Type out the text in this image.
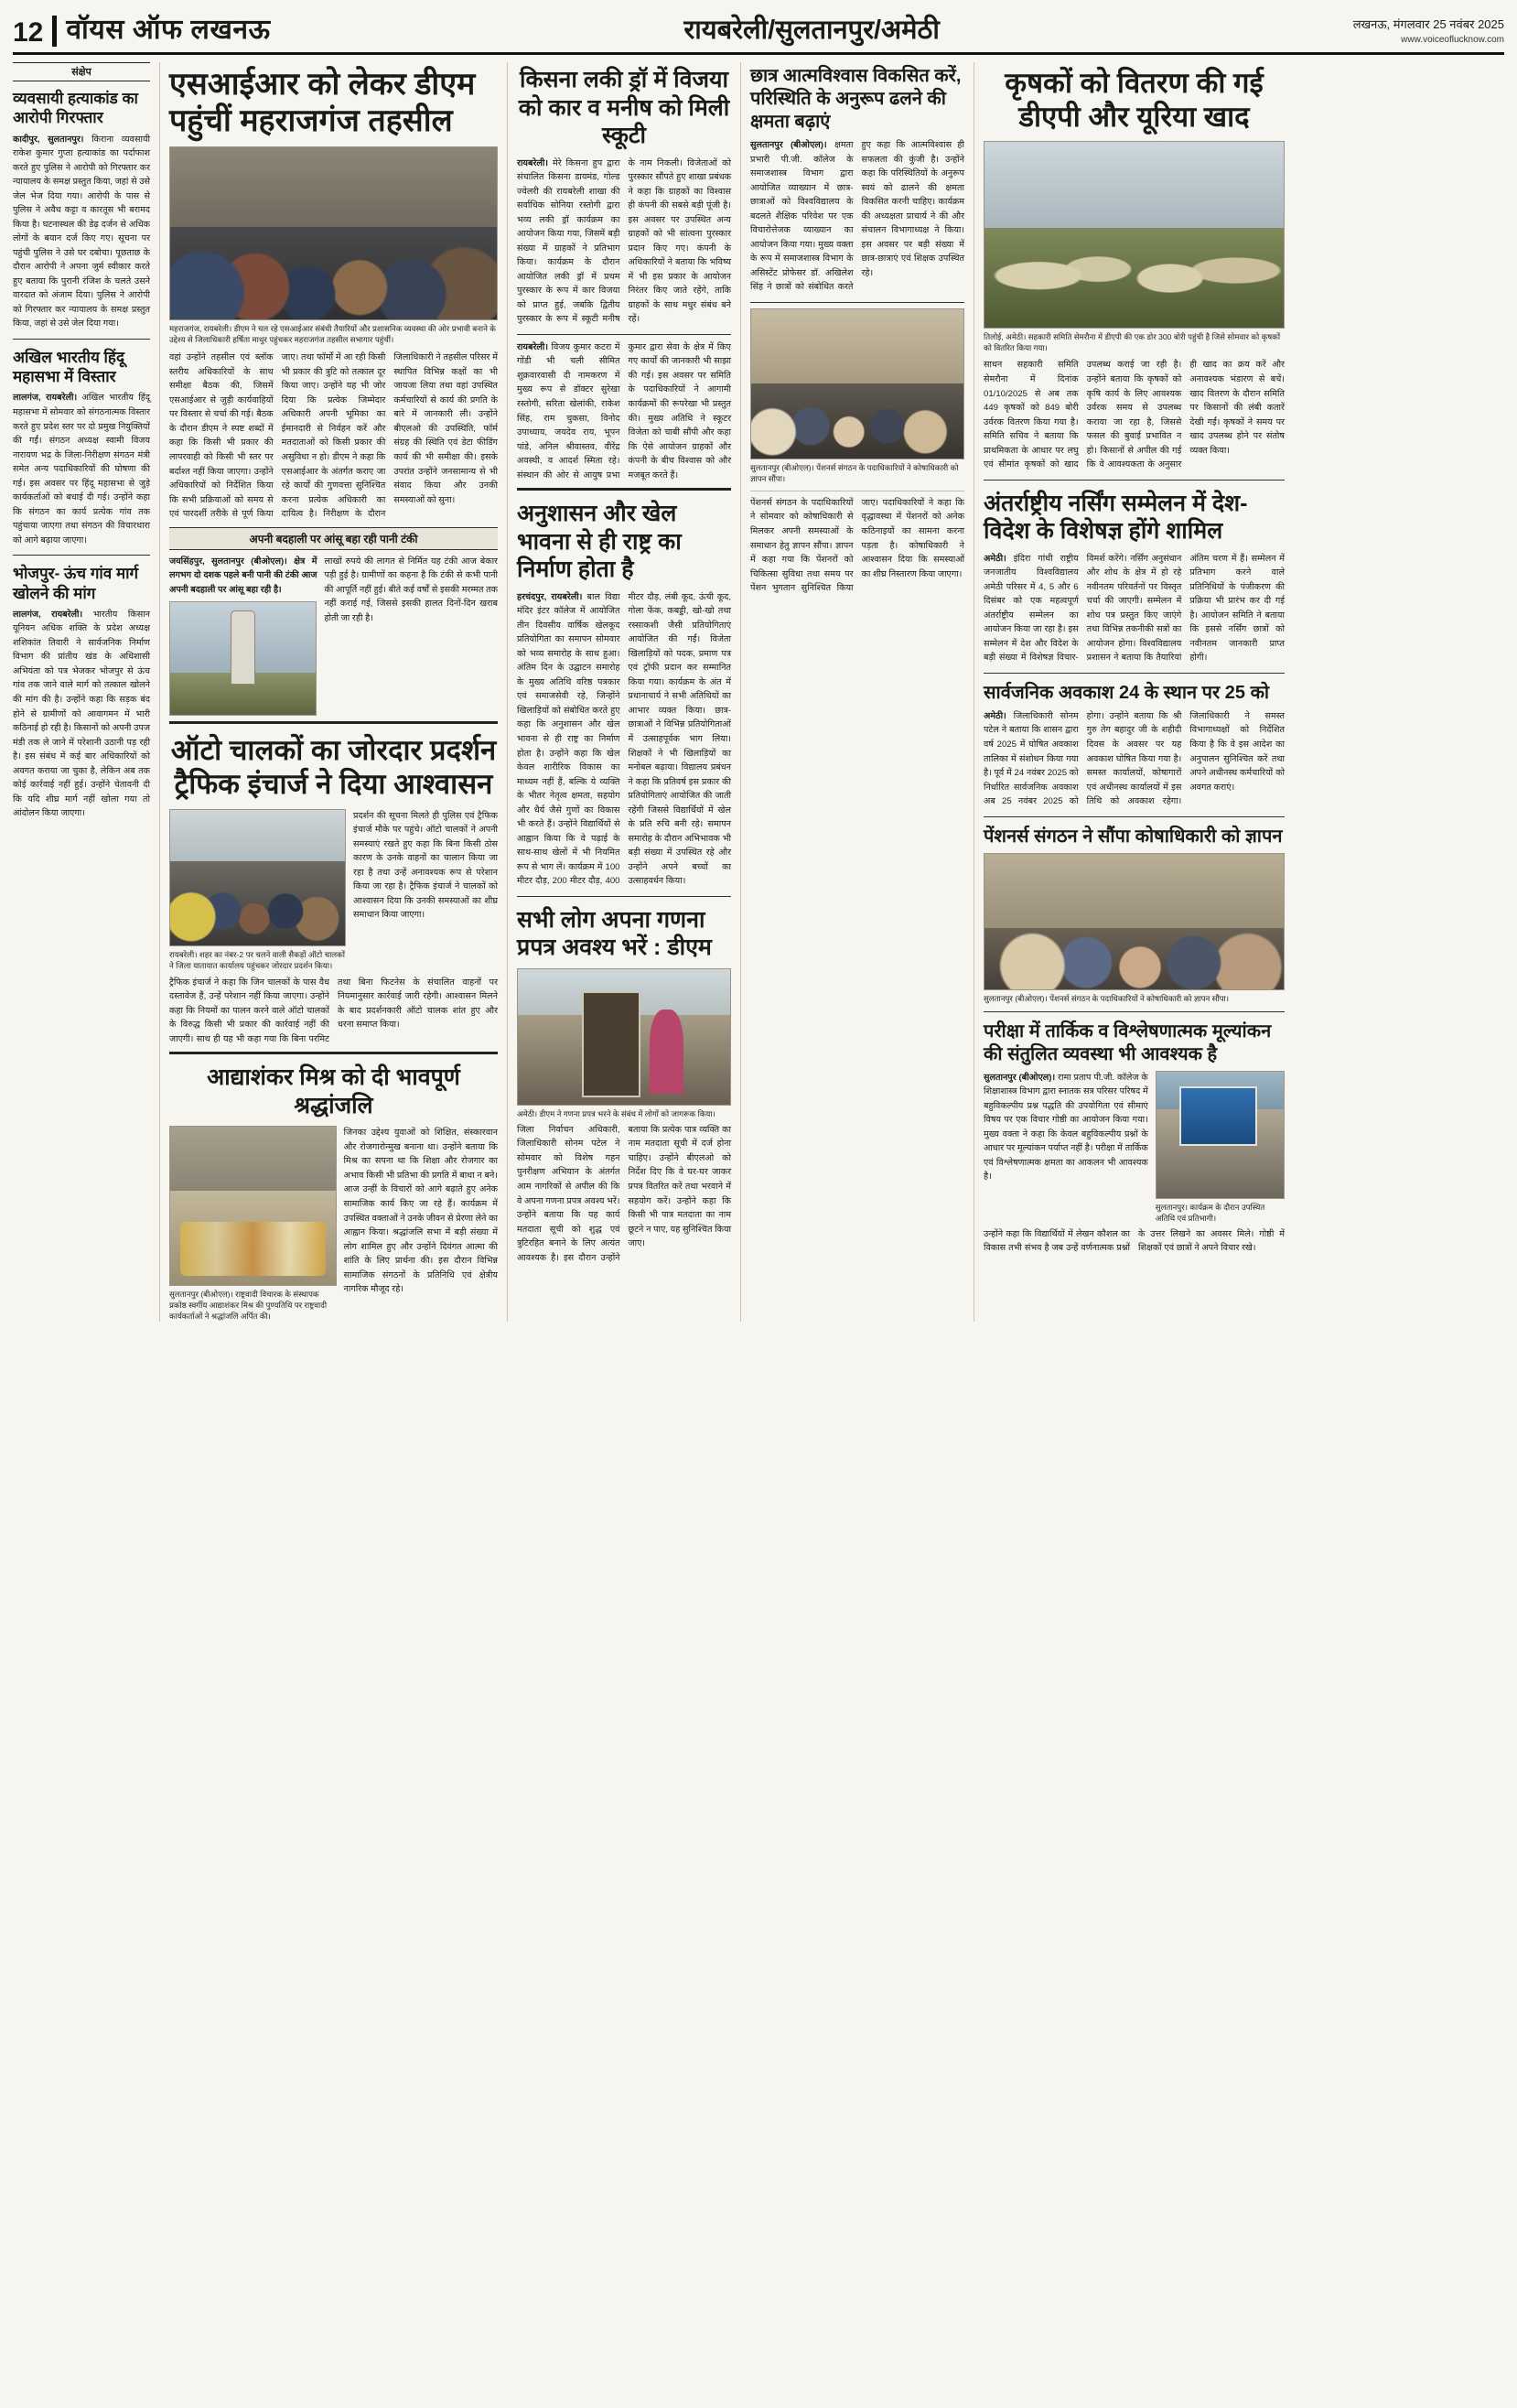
12 वॉयस ऑफ लखनऊ	रायबरेली/सुलतानपुर/अमेठी	लखनऊ, मंगलवार 25 नवंबर 2025
www.voiceoflucknow.com
संक्षेप
व्यवसायी हत्याकांड का आरोपी गिरफ्तार
कादीपुर, सुलतानपुर। किराना व्यवसायी राकेश कुमार गुप्ता हत्याकांड का पर्दाफाश करते हुए पुलिस ने आरोपी को गिरफ्तार कर न्यायालय के समक्ष प्रस्तुत किया, जहां से उसे जेल भेज दिया गया। आरोपी के पास से पुलिस ने अवैध कट्टा व कारतूस भी बरामद किया है। घटनास्थल की डेढ़ दर्जन से अधिक लोगों के बयान दर्ज किए गए। सूचना पर पहुंची पुलिस ने उसे घर दबोचा। पूछताछ के दौरान आरोपी ने अपना जुर्म स्वीकार करते हुए बताया कि पुरानी रंजिश के चलते उसने वारदात को अंजाम दिया। पुलिस ने आरोपी को गिरफ्तार कर न्यायालय के समक्ष प्रस्तुत किया, जहां से उसे जेल दिया गया।
अखिल भारतीय हिंदू महासभा में विस्तार
लालगंज, रायबरेली। अखिल भारतीय हिंदू महासभा में सोमवार को संगठनात्मक विस्तार करते हुए प्रदेश स्तर पर दो प्रमुख नियुक्तियों की गईं। संगठन अध्यक्ष स्वामी विजय नारायण भद्र के जिला-निरीक्षण संगठन मंत्री समेत अन्य पदाधिकारियों की घोषणा की गई। इस अवसर पर हिंदू महासभा से जुड़े कार्यकर्ताओं को बधाई दी गई। उन्होंने कहा कि संगठन का कार्य प्रत्येक गांव तक पहुंचाया जाएगा तथा संगठन की विचारधारा को आगे बढ़ाया जाएगा।
भोजपुर- ऊंच गांव मार्ग खोलने की मांग
लालगंज, रायबरेली। भारतीय किसान यूनियन अधिक शक्ति के प्रदेश अध्यक्ष शशिकांत तिवारी ने सार्वजनिक निर्माण विभाग की प्रांतीय खंड के अधिशासी अभियंता को पत्र भेजकर भोजपुर से ऊंच गांव तक जाने वाले मार्ग को तत्काल खोलने की मांग की है। उन्होंने कहा कि सड़क बंद होने से ग्रामीणों को आवागमन में भारी कठिनाई हो रही है। किसानों को अपनी उपज मंडी तक ले जाने में परेशानी उठानी पड़ रही है। इस संबंध में कई बार अधिकारियों को अवगत कराया जा चुका है, लेकिन अब तक कोई कार्रवाई नहीं हुई। उन्होंने चेतावनी दी कि यदि शीघ्र मार्ग नहीं खोला गया तो आंदोलन किया जाएगा।
एसआईआर को लेकर डीएम पहुंचीं महराजगंज तहसील
महराजगंज, रायबरेली। डीएम ने चल रहे एसआईआर संबंधी तैयारियों और प्रशासनिक व्यवस्था की ओर प्रभावी बनाने के उद्देश्य से जिलाधिकारी हर्षिता माथुर पहुंचकर महराजगंज तहसील सभागार पहुंचीं।
वहां उन्होंने तहसील एवं ब्लॉक स्तरीय अधिकारियों के साथ समीक्षा बैठक की, जिसमें एसआईआर से जुड़ी कार्यवाहियों पर विस्तार से चर्चा की गई। बैठक के दौरान डीएम ने स्पष्ट शब्दों में कहा कि किसी भी प्रकार की लापरवाही को किसी भी स्तर पर बर्दाश्त नहीं किया जाएगा। उन्होंने अधिकारियों को निर्देशित किया कि सभी प्रक्रियाओं को समय से एवं पारदर्शी तरीके से पूर्ण किया जाए। तथा फॉर्मों में आ रही किसी भी प्रकार की त्रुटि को तत्काल दूर किया जाए। उन्होंने यह भी जोर दिया कि प्रत्येक जिम्मेदार अधिकारी अपनी भूमिका का ईमानदारी से निर्वहन करें और मतदाताओं को किसी प्रकार की असुविधा न हो। डीएम ने कहा कि एसआईआर के अंतर्गत कराए जा रहे कार्यों की गुणवत्ता सुनिश्चित करना प्रत्येक अधिकारी का दायित्व है। निरीक्षण के दौरान जिलाधिकारी ने तहसील परिसर में स्थापित विभिन्न कक्षों का भी जायजा लिया तथा वहां उपस्थित कर्मचारियों से कार्य की प्रगति के बारे में जानकारी ली। उन्होंने बीएलओ की उपस्थिति, फॉर्म संग्रह की स्थिति एवं डेटा फीडिंग कार्य की भी समीक्षा की। इसके उपरांत उन्होंने जनसामान्य से भी संवाद किया और उनकी समस्याओं को सुना।
अपनी बदहाली पर आंसू बहा रही पानी टंकी
जयसिंहपुर, सुलतानपुर (बीओएल)। क्षेत्र में लगभग दो दशक पहले बनी पानी की टंकी आज अपनी बदहाली पर आंसू बहा रही है।
लाखों रुपये की लागत से निर्मित यह टंकी आज बेकार पड़ी हुई है। ग्रामीणों का कहना है कि टंकी से कभी पानी की आपूर्ति नहीं हुई। बीते कई वर्षों से इसकी मरम्मत तक नहीं कराई गई, जिससे इसकी हालत दिनों-दिन खराब होती जा रही है।
ऑटो चालकों का जोरदार प्रदर्शन ट्रैफिक इंचार्ज ने दिया आश्वासन
रायबरेली। शहर का नंबर-2 पर चलने वाली सैकड़ों ऑटो चालकों ने जिला यातायात कार्यालय पहुंचकर जोरदार प्रदर्शन किया।
प्रदर्शन की सूचना मिलते ही पुलिस एवं ट्रैफिक इंचार्ज मौके पर पहुंचे। ऑटो चालकों ने अपनी समस्याएं रखते हुए कहा कि बिना किसी ठोस कारण के उनके वाहनों का चालान किया जा रहा है तथा उन्हें अनावश्यक रूप से परेशान किया जा रहा है। ट्रैफिक इंचार्ज ने चालकों को आश्वासन दिया कि उनकी समस्याओं का शीघ्र समाधान किया जाएगा।
ट्रैफिक इंचार्ज ने कहा कि जिन चालकों के पास वैध दस्तावेज हैं, उन्हें परेशान नहीं किया जाएगा। उन्होंने कहा कि नियमों का पालन करने वाले ऑटो चालकों के विरुद्ध किसी भी प्रकार की कार्रवाई नहीं की जाएगी। साथ ही यह भी कहा गया कि बिना परमिट तथा बिना फिटनेस के संचालित वाहनों पर नियमानुसार कार्रवाई जारी रहेगी। आश्वासन मिलने के बाद प्रदर्शनकारी ऑटो चालक शांत हुए और धरना समाप्त किया।
आद्याशंकर मिश्र को दी भावपूर्ण श्रद्धांजलि
सुलतानपुर (बीओएल)। राष्ट्रवादी विचारक के संस्थापक प्रकोष्ठ स्वर्गीय आद्याशंकर मिश्र की पुण्यतिथि पर राष्ट्रवादी कार्यकर्ताओं ने श्रद्धांजलि अर्पित की।
जिनका उद्देश्य युवाओं को शिक्षित, संस्कारवान और रोजगारोन्मुख बनाना था। उन्होंने बताया कि मिश्र का सपना था कि शिक्षा और रोजगार का अभाव किसी भी प्रतिभा की प्रगति में बाधा न बने। आज उन्हीं के विचारों को आगे बढ़ाते हुए अनेक सामाजिक कार्य किए जा रहे हैं। कार्यक्रम में उपस्थित वक्ताओं ने उनके जीवन से प्रेरणा लेने का आह्वान किया। श्रद्धांजलि सभा में बड़ी संख्या में लोग शामिल हुए और उन्होंने दिवंगत आत्मा की शांति के लिए प्रार्थना की। इस दौरान विभिन्न सामाजिक संगठनों के प्रतिनिधि एवं क्षेत्रीय नागरिक मौजूद रहे।
किसना लकी ड्रॉ में विजया को कार व मनीष को मिली स्कूटी
रायबरेली। मेरे किसना हुप द्वारा संचालित किसना डायमंड, गोल्ड ज्वेलरी की रायबरेली शाखा की सर्वाधिक सोनिया रस्तोगी द्वारा भव्य लकी ड्रॉ कार्यक्रम का आयोजन किया गया, जिसमें बड़ी संख्या में ग्राहकों ने प्रतिभाग किया। कार्यक्रम के दौरान आयोजित लकी ड्रॉ में प्रथम पुरस्कार के रूप में कार विजया को प्राप्त हुई, जबकि द्वितीय पुरस्कार के रूप में स्कूटी मनीष के नाम निकली। विजेताओं को पुरस्कार सौंपते हुए शाखा प्रबंधक ने कहा कि ग्राहकों का विश्वास ही कंपनी की सबसे बड़ी पूंजी है। इस अवसर पर उपस्थित अन्य ग्राहकों को भी सांत्वना पुरस्कार प्रदान किए गए। कंपनी के अधिकारियों ने बताया कि भविष्य में भी इस प्रकार के आयोजन निरंतर किए जाते रहेंगे, ताकि ग्राहकों के साथ मधुर संबंध बने रहें।
रायबरेली। विजय कुमार कटरा में गोंडी भी चली सीमित शुक्रवारवासी दी नामकरण में मुख्य रूप से डॉक्टर सुरेखा रस्तोगी, सरिता खेलांकी, राकेश सिंह, राम चुकसा, विनोद उपाध्याय, जयदेव राय, भूपन पांडे, अनिल श्रीवास्तव, वीरेंद्र अवस्थी, व आदर्श स्मिता रहे। संस्थान की ओर से आयुष प्रभा कुमार द्वारा सेवा के क्षेत्र में किए गए कार्यों की जानकारी भी साझा की गई। इस अवसर पर समिति के पदाधिकारियों ने आगामी कार्यक्रमों की रूपरेखा भी प्रस्तुत की। मुख्य अतिथि ने स्कूटर विजेता को चाबी सौंपी और कहा कि ऐसे आयोजन ग्राहकों और कंपनी के बीच विश्वास को और मजबूत करते हैं।
अनुशासन और खेल भावना से ही राष्ट्र का निर्माण होता है
हरचंदपुर, रायबरेली। बाल विद्या मंदिर इंटर कॉलेज में आयोजित तीन दिवसीय वार्षिक खेलकूद प्रतियोगिता का समापन सोमवार को भव्य समारोह के साथ हुआ। अंतिम दिन के उद्घाटन समारोह के मुख्य अतिथि वरिष्ठ पत्रकार एवं समाजसेवी रहे, जिन्होंने खिलाड़ियों को संबोधित करते हुए कहा कि अनुशासन और खेल भावना से ही राष्ट्र का निर्माण होता है। उन्होंने कहा कि खेल केवल शारीरिक विकास का माध्यम नहीं हैं, बल्कि ये व्यक्ति के भीतर नेतृत्व क्षमता, सहयोग और धैर्य जैसे गुणों का विकास भी करते हैं। उन्होंने विद्यार्थियों से आह्वान किया कि वे पढ़ाई के साथ-साथ खेलों में भी नियमित रूप से भाग लें। कार्यक्रम में 100 मीटर दौड़, 200 मीटर दौड़, 400 मीटर दौड़, लंबी कूद, ऊंची कूद, गोला फेंक, कबड्डी, खो-खो तथा रस्साकशी जैसी प्रतियोगिताएं आयोजित की गईं। विजेता खिलाड़ियों को पदक, प्रमाण पत्र एवं ट्रॉफी प्रदान कर सम्मानित किया गया। कार्यक्रम के अंत में प्रधानाचार्य ने सभी अतिथियों का आभार व्यक्त किया। छात्र-छात्राओं ने विभिन्न प्रतियोगिताओं में उत्साहपूर्वक भाग लिया। शिक्षकों ने भी खिलाड़ियों का मनोबल बढ़ाया। विद्यालय प्रबंधन ने कहा कि प्रतिवर्ष इस प्रकार की प्रतियोगिताएं आयोजित की जाती रहेंगी जिससे विद्यार्थियों में खेल के प्रति रुचि बनी रहे। समापन समारोह के दौरान अभिभावक भी बड़ी संख्या में उपस्थित रहे और उन्होंने अपने बच्चों का उत्साहवर्धन किया।
सभी लोग अपना गणना प्रपत्र अवश्य भरें : डीएम
अमेठी। डीएम ने गणना प्रपत्र भरने के संबंध में लोगों को जागरूक किया।
जिला निर्वाचन अधिकारी, जिलाधिकारी सोनम पटेल ने सोमवार को विशेष गहन पुनरीक्षण अभियान के अंतर्गत आम नागरिकों से अपील की कि वे अपना गणना प्रपत्र अवश्य भरें। उन्होंने बताया कि यह कार्य मतदाता सूची को शुद्ध एवं त्रुटिरहित बनाने के लिए अत्यंत आवश्यक है। इस दौरान उन्होंने बताया कि प्रत्येक पात्र व्यक्ति का नाम मतदाता सूची में दर्ज होना चाहिए। उन्होंने बीएलओ को निर्देश दिए कि वे घर-घर जाकर प्रपत्र वितरित करें तथा भरवाने में सहयोग करें। उन्होंने कहा कि किसी भी पात्र मतदाता का नाम छूटने न पाए, यह सुनिश्चित किया जाए।
छात्र आत्मविश्वास विकसित करें, परिस्थिति के अनुरूप ढलने की क्षमता बढ़ाएं
सुलतानपुर (बीओएल)। क्षमता प्रभारी पी.जी. कॉलेज के समाजशास्त्र विभाग द्वारा आयोजित व्याख्यान में छात्र-छात्राओं को विश्वविद्यालय के बदलते शैक्षिक परिवेश पर एक विचारोत्तेजक व्याख्यान का आयोजन किया गया। मुख्य वक्ता के रूप में समाजशास्त्र विभाग के असिस्टेंट प्रोफेसर डॉ. अखिलेश सिंह ने छात्रों को संबोधित करते हुए कहा कि आत्मविश्वास ही सफलता की कुंजी है। उन्होंने कहा कि परिस्थितियों के अनुरूप स्वयं को ढालने की क्षमता विकसित करनी चाहिए। कार्यक्रम की अध्यक्षता प्राचार्य ने की और संचालन विभागाध्यक्ष ने किया। इस अवसर पर बड़ी संख्या में छात्र-छात्राएं एवं शिक्षक उपस्थित रहे।
सुलतानपुर (बीओएल)। पेंशनर्स संगठन के पदाधिकारियों ने कोषाधिकारी को ज्ञापन सौंपा।
पेंशनर्स संगठन के पदाधिकारियों ने सोमवार को कोषाधिकारी से मिलकर अपनी समस्याओं के समाधान हेतु ज्ञापन सौंपा। ज्ञापन में कहा गया कि पेंशनरों को चिकित्सा सुविधा तथा समय पर पेंशन भुगतान सुनिश्चित किया जाए। पदाधिकारियों ने कहा कि वृद्धावस्था में पेंशनरों को अनेक कठिनाइयों का सामना करना पड़ता है। कोषाधिकारी ने आश्वासन दिया कि समस्याओं का शीघ्र निस्तारण किया जाएगा।
कृषकों को वितरण की गई डीएपी और यूरिया खाद
तिलोई, अमेठी। सहकारी समिति सेमरौना में डीएपी की एक डोर 300 बोरी पहुंची है जिसे सोमवार को कृषकों को वितरित किया गया।
साधन सहकारी समिति सेमरौना में दिनांक 01/10/2025 से अब तक 449 कृषकों को 849 बोरी उर्वरक वितरण किया गया है। समिति सचिव ने बताया कि प्राथमिकता के आधार पर लघु एवं सीमांत कृषकों को खाद उपलब्ध कराई जा रही है। उन्होंने बताया कि कृषकों को कृषि कार्य के लिए आवश्यक उर्वरक समय से उपलब्ध कराया जा रहा है, जिससे फसल की बुवाई प्रभावित न हो। किसानों से अपील की गई कि वे आवश्यकता के अनुसार ही खाद का क्रय करें और अनावश्यक भंडारण से बचें। खाद वितरण के दौरान समिति पर किसानों की लंबी कतारें देखी गईं। कृषकों ने समय पर खाद उपलब्ध होने पर संतोष व्यक्त किया।
अंतर्राष्ट्रीय नर्सिंग सम्मेलन में देश-विदेश के विशेषज्ञ होंगे शामिल
अमेठी। इंदिरा गांधी राष्ट्रीय जनजातीय विश्वविद्यालय अमेठी परिसर में 4, 5 और 6 दिसंबर को एक महत्वपूर्ण अंतर्राष्ट्रीय सम्मेलन का आयोजन किया जा रहा है। इस सम्मेलन में देश और विदेश के बड़ी संख्या में विशेषज्ञ विचार-विमर्श करेंगे। नर्सिंग अनुसंधान और शोध के क्षेत्र में हो रहे नवीनतम परिवर्तनों पर विस्तृत चर्चा की जाएगी। सम्मेलन में शोध पत्र प्रस्तुत किए जाएंगे तथा विभिन्न तकनीकी सत्रों का आयोजन होगा। विश्वविद्यालय प्रशासन ने बताया कि तैयारियां अंतिम चरण में हैं। सम्मेलन में प्रतिभाग करने वाले प्रतिनिधियों के पंजीकरण की प्रक्रिया भी प्रारंभ कर दी गई है। आयोजन समिति ने बताया कि इससे नर्सिंग छात्रों को नवीनतम जानकारी प्राप्त होगी।
सार्वजनिक अवकाश 24 के स्थान पर 25 को
अमेठी। जिलाधिकारी सोनम पटेल ने बताया कि शासन द्वारा वर्ष 2025 में घोषित अवकाश तालिका में संशोधन किया गया है। पूर्व में 24 नवंबर 2025 को निर्धारित सार्वजनिक अवकाश अब 25 नवंबर 2025 को होगा। उन्होंने बताया कि श्री गुरु तेग बहादुर जी के शहीदी दिवस के अवसर पर यह अवकाश घोषित किया गया है। समस्त कार्यालयों, कोषागारों एवं अधीनस्थ कार्यालयों में इस तिथि को अवकाश रहेगा। जिलाधिकारी ने समस्त विभागाध्यक्षों को निर्देशित किया है कि वे इस आदेश का अनुपालन सुनिश्चित करें तथा अपने अधीनस्थ कर्मचारियों को अवगत कराएं।
पेंशनर्स संगठन ने सौंपा कोषाधिकारी को ज्ञापन
सुलतानपुर (बीओएल)। पेंशनर्स संगठन के पदाधिकारियों ने कोषाधिकारी को ज्ञापन सौंपा।
परीक्षा में तार्किक व विश्लेषणात्मक मूल्यांकन की संतुलित व्यवस्था भी आवश्यक है
सुलतानपुर (बीओएल)। रामा प्रताप पी.जी. कॉलेज के शिक्षाशास्त्र विभाग द्वारा स्नातक सत्र परिसर परिषद में बहुविकल्पीय प्रश्न पद्धति की उपयोगिता एवं सीमाएं विषय पर एक विचार गोष्ठी का आयोजन किया गया। मुख्य वक्ता ने कहा कि केवल बहुविकल्पीय प्रश्नों के आधार पर मूल्यांकन पर्याप्त नहीं है। परीक्षा में तार्किक एवं विश्लेषणात्मक क्षमता का आकलन भी आवश्यक है।
सुलतानपुर। कार्यक्रम के दौरान उपस्थित अतिथि एवं प्रतिभागी।
उन्होंने कहा कि विद्यार्थियों में लेखन कौशल का विकास तभी संभव है जब उन्हें वर्णनात्मक प्रश्नों के उत्तर लिखने का अवसर मिले। गोष्ठी में शिक्षकों एवं छात्रों ने अपने विचार रखे।
